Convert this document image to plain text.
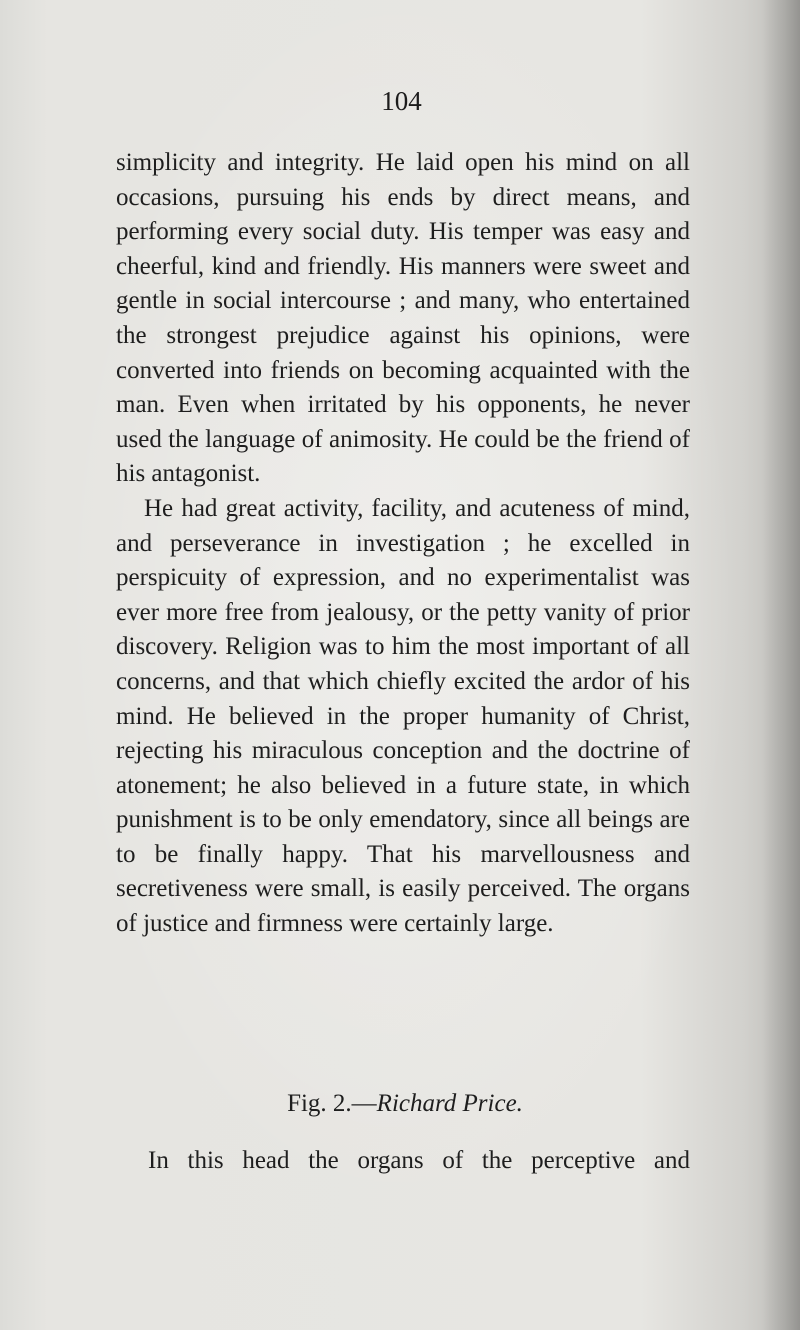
104

simplicity and integrity. He laid open his mind on all occasions, pursuing his ends by direct means, and performing every social duty. His temper was easy and cheerful, kind and friendly. His manners were sweet and gentle in social intercourse ; and many, who entertained the strongest prejudice against his opinions, were converted into friends on becoming acquainted with the man. Even when irritated by his opponents, he never used the language of animosity. He could be the friend of his antagonist.

He had great activity, facility, and acuteness of mind, and perseverance in investigation ; he excelled in perspicuity of expression, and no experimentalist was ever more free from jealousy, or the petty vanity of prior discovery. Religion was to him the most important of all concerns, and that which chiefly excited the ardor of his mind. He believed in the proper humanity of Christ, rejecting his miraculous conception and the doctrine of atonement; he also believed in a future state, in which punishment is to be only emendatory, since all beings are to be finally happy. That his marvellousness and secretiveness were small, is easily perceived. The organs of justice and firmness were certainly large.

Fig. 2.—Richard Price.
In this head the organs of the perceptive and
